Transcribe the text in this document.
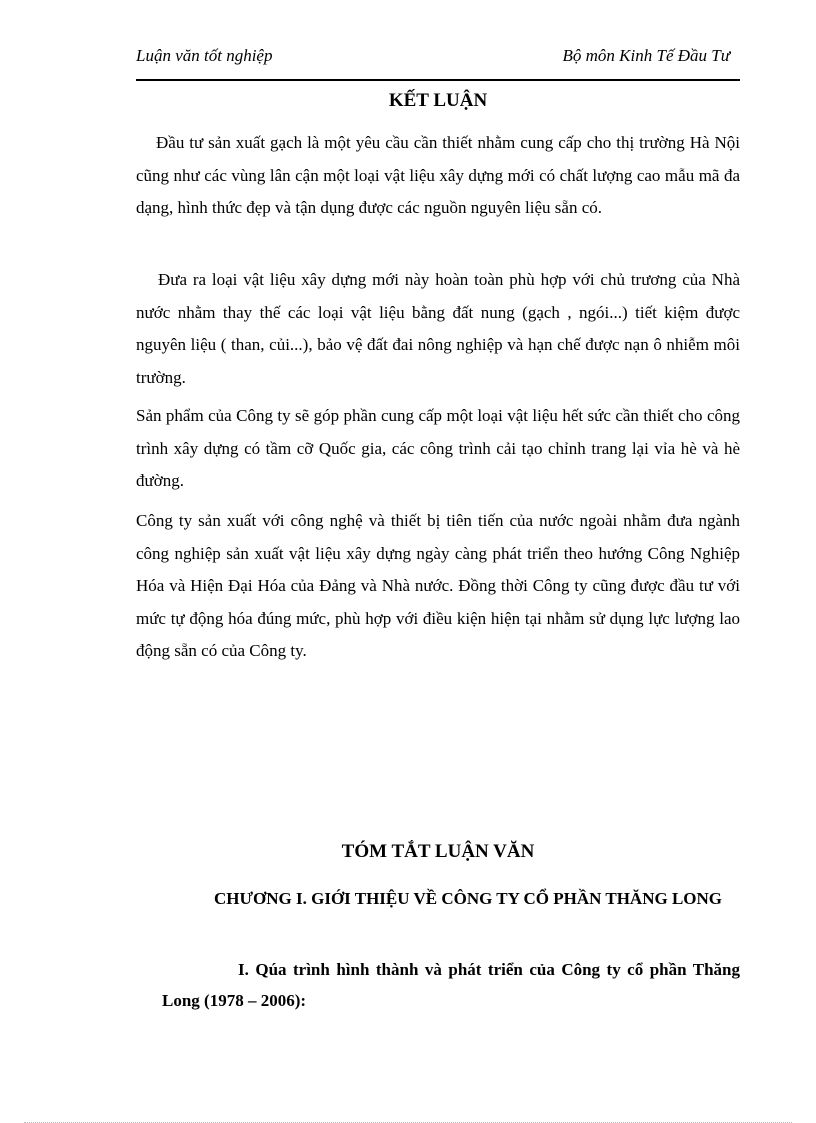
Luận văn tốt nghiệp	Bộ môn Kinh Tế Đầu Tư
KẾT LUẬN

Đầu tư sản xuất gạch là một yêu cầu cần thiết nhằm cung cấp cho thị trường Hà Nội cũng như các vùng lân cận một loại vật liệu xây dựng mới có chất lượng cao mẫu mã đa dạng, hình thức đẹp và tận dụng được các nguồn nguyên liệu sẵn có.

Đưa ra loại vật liệu xây dựng mới này hoàn toàn phù hợp với chủ trương của Nhà nước nhằm thay thế các loại vật liệu bằng đất nung (gạch , ngói...) tiết kiệm được nguyên liệu ( than, củi...), bảo vệ đất đai nông nghiệp và hạn chế được nạn ô nhiễm môi trường.

Sản phẩm của Công ty sẽ góp phần cung cấp một loại vật liệu hết sức cần thiết cho công trình xây dựng có tầm cỡ Quốc gia, các công trình cải tạo chỉnh trang lại vỉa hè và hè đường.

Công ty sản xuất với công nghệ và thiết bị tiên tiến của nước ngoài nhằm đưa ngành công nghiệp sản xuất vật liệu xây dựng ngày càng phát triển theo hướng Công Nghiệp Hóa và Hiện Đại Hóa của Đảng và Nhà nước. Đồng thời Công ty cũng được đầu tư với mức tự động hóa đúng mức, phù hợp với điều kiện hiện tại nhằm sử dụng lực lượng lao động sẵn có của Công ty.

TÓM TẮT LUẬN VĂN

CHƯƠNG I. GIỚI THIỆU VỀ CÔNG TY CỔ PHẦN THĂNG LONG

I. Qúa trình hình thành và phát triển của Công ty cổ phần Thăng Long (1978 – 2006):
